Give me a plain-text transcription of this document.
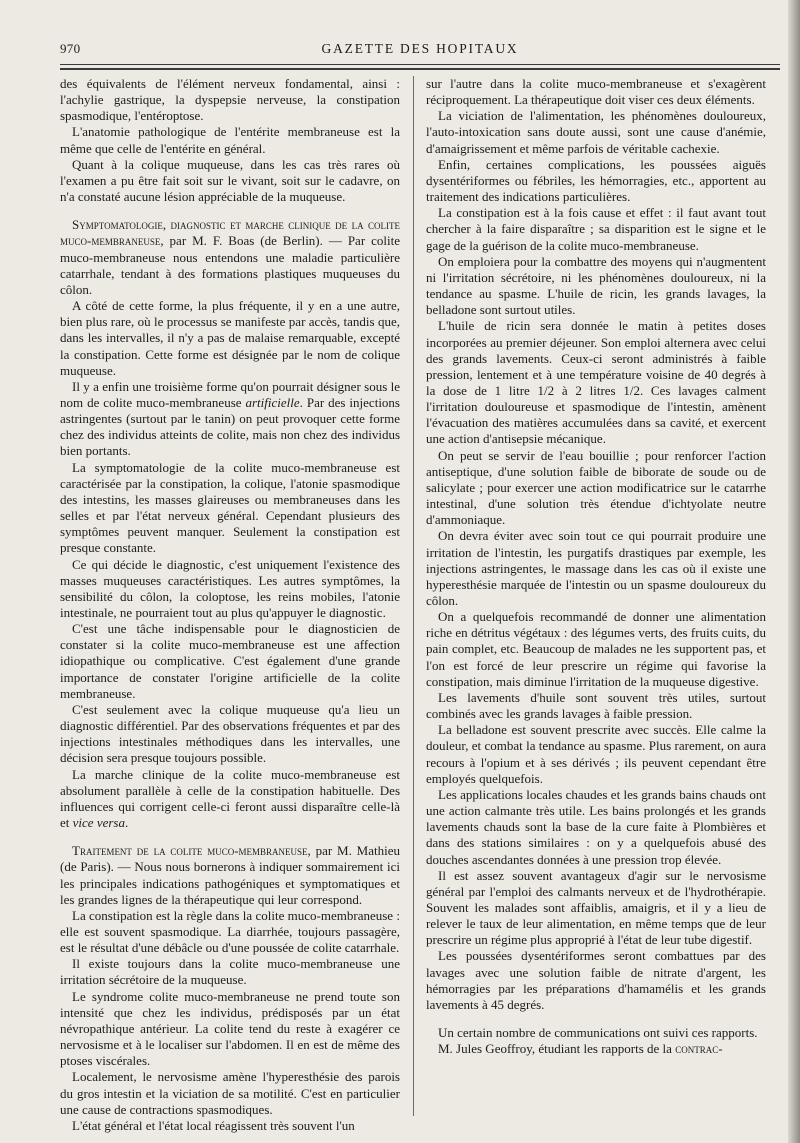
970	GAZETTE DES HOPITAUX

des équivalents de l'élément nerveux fondamental, ainsi : l'achylie gastrique, la dyspepsie nerveuse, la constipation spasmodique, l'entéroptose.

L'anatomie pathologique de l'entérite membraneuse est la même que celle de l'entérite en général.

Quant à la colique muqueuse, dans les cas très rares où l'examen a pu être fait soit sur le vivant, soit sur le cadavre, on n'a constaté aucune lésion appréciable de la muqueuse.

Symptomatologie, diagnostic et marche clinique de la colite muco-membraneuse, par M. F. Boas (de Berlin). — Par colite muco-membraneuse nous entendons une maladie particulière catarrhale, tendant à des formations plastiques muqueuses du côlon.

A côté de cette forme, la plus fréquente, il y en a une autre, bien plus rare, où le processus se manifeste par accès, tandis que, dans les intervalles, il n'y a pas de malaise remarquable, excepté la constipation. Cette forme est désignée par le nom de colique muqueuse.

Il y a enfin une troisième forme qu'on pourrait désigner sous le nom de colite muco-membraneuse artificielle. Par des injections astringentes (surtout par le tanin) on peut provoquer cette forme chez des individus atteints de colite, mais non chez des individus bien portants.

La symptomatologie de la colite muco-membraneuse est caractérisée par la constipation, la colique, l'atonie spasmodique des intestins, les masses glaireuses ou membraneuses dans les selles et par l'état nerveux général. Cependant plusieurs des symptômes peuvent manquer. Seulement la constipation est presque constante.

Ce qui décide le diagnostic, c'est uniquement l'existence des masses muqueuses caractéristiques. Les autres symptômes, la sensibilité du côlon, la coloptose, les reins mobiles, l'atonie intestinale, ne pourraient tout au plus qu'appuyer le diagnostic.

C'est une tâche indispensable pour le diagnosticien de constater si la colite muco-membraneuse est une affection idiopathique ou complicative. C'est également d'une grande importance de constater l'origine artificielle de la colite membraneuse.

C'est seulement avec la colique muqueuse qu'a lieu un diagnostic différentiel. Par des observations fréquentes et par des injections intestinales méthodiques dans les intervalles, une décision sera presque toujours possible.

La marche clinique de la colite muco-membraneuse est absolument parallèle à celle de la constipation habituelle. Des influences qui corrigent celle-ci feront aussi disparaître celle-là et vice versa.

Traitement de la colite muco-membraneuse, par M. Mathieu (de Paris). — Nous nous bornerons à indiquer sommairement ici les principales indications pathogéniques et symptomatiques et les grandes lignes de la thérapeutique qui leur correspond.

La constipation est la règle dans la colite muco-membraneuse : elle est souvent spasmodique. La diarrhée, toujours passagère, est le résultat d'une débâcle ou d'une poussée de colite catarrhale.

Il existe toujours dans la colite muco-membraneuse une irritation sécrétoire de la muqueuse.

Le syndrome colite muco-membraneuse ne prend toute son intensité que chez les individus, prédisposés par un état névropathique antérieur. La colite tend du reste à exagérer ce nervosisme et à le localiser sur l'abdomen. Il en est de même des ptoses viscérales.

Localement, le nervosisme amène l'hyperesthésie des parois du gros intestin et la viciation de sa motilité. C'est en particulier une cause de contractions spasmodiques.

L'état général et l'état local réagissent très souvent l'un

sur l'autre dans la colite muco-membraneuse et s'exagèrent réciproquement. La thérapeutique doit viser ces deux éléments.

La viciation de l'alimentation, les phénomènes douloureux, l'auto-intoxication sans doute aussi, sont une cause d'anémie, d'amaigrissement et même parfois de véritable cachexie.

Enfin, certaines complications, les poussées aiguës dysentériformes ou fébriles, les hémorragies, etc., apportent au traitement des indications particulières.

La constipation est à la fois cause et effet : il faut avant tout chercher à la faire disparaître ; sa disparition est le signe et le gage de la guérison de la colite muco-membraneuse.

On emploiera pour la combattre des moyens qui n'augmentent ni l'irritation sécrétoire, ni les phénomènes douloureux, ni la tendance au spasme. L'huile de ricin, les grands lavages, la belladone sont surtout utiles.

L'huile de ricin sera donnée le matin à petites doses incorporées au premier déjeuner. Son emploi alternera avec celui des grands lavements. Ceux-ci seront administrés à faible pression, lentement et à une température voisine de 40 degrés à la dose de 1 litre 1/2 à 2 litres 1/2. Ces lavages calment l'irritation douloureuse et spasmodique de l'intestin, amènent l'évacuation des matières accumulées dans sa cavité, et exercent une action d'antisepsie mécanique.

On peut se servir de l'eau bouillie ; pour renforcer l'action antiseptique, d'une solution faible de biborate de soude ou de salicylate ; pour exercer une action modificatrice sur le catarrhe intestinal, d'une solution très étendue d'ichtyolate neutre d'ammoniaque.

On devra éviter avec soin tout ce qui pourrait produire une irritation de l'intestin, les purgatifs drastiques par exemple, les injections astringentes, le massage dans les cas où il existe une hyperesthésie marquée de l'intestin ou un spasme douloureux du côlon.

On a quelquefois recommandé de donner une alimentation riche en détritus végétaux : des légumes verts, des fruits cuits, du pain complet, etc. Beaucoup de malades ne les supportent pas, et l'on est forcé de leur prescrire un régime qui favorise la constipation, mais diminue l'irritation de la muqueuse digestive.

Les lavements d'huile sont souvent très utiles, surtout combinés avec les grands lavages à faible pression.

La belladone est souvent prescrite avec succès. Elle calme la douleur, et combat la tendance au spasme. Plus rarement, on aura recours à l'opium et à ses dérivés ; ils peuvent cependant être employés quelquefois.

Les applications locales chaudes et les grands bains chauds ont une action calmante très utile. Les bains prolongés et les grands lavements chauds sont la base de la cure faite à Plombières et dans des stations similaires : on y a quelquefois abusé des douches ascendantes données à une pression trop élevée.

Il est assez souvent avantageux d'agir sur le nervosisme général par l'emploi des calmants nerveux et de l'hydrothérapie. Souvent les malades sont affaiblis, amaigris, et il y a lieu de relever le taux de leur alimentation, en même temps que de leur prescrire un régime plus approprié à l'état de leur tube digestif.

Les poussées dysentériformes seront combattues par des lavages avec une solution faible de nitrate d'argent, les hémorragies par les préparations d'hamamélis et les grands lavements à 45 degrés.

Un certain nombre de communications ont suivi ces rapports.

M. Jules Geoffroy, étudiant les rapports de la contrac-
